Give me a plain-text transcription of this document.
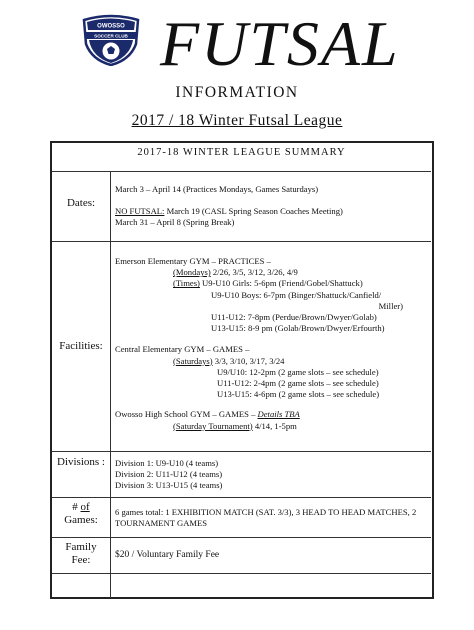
OWOSSO
SOCCER CLUB FUTSAL
INFORMATION
2017 / 18 Winter Futsal League
2017-18 WINTER LEAGUE SUMMARY
Dates:
March 3 – April 14 (Practices Mondays, Games Saturdays)
NO FUTSAL: March 19 (CASL Spring Season Coaches Meeting)
March 31 – April 8 (Spring Break)
Facilities:
Emerson Elementary GYM – PRACTICES –
(Mondays) 2/26, 3/5, 3/12, 3/26, 4/9
(Times) U9-U10 Girls: 5-6pm (Friend/Gobel/Shattuck)
U9-U10 Boys: 6-7pm (Binger/Shattuck/Canfield/
Miller)
U11-U12: 7-8pm (Perdue/Brown/Dwyer/Golab)
U13-U15: 8-9 pm (Golab/Brown/Dwyer/Erfourth)
Central Elementary GYM – GAMES –
(Saturdays) 3/3, 3/10, 3/17, 3/24
U9/U10: 12-2pm (2 game slots – see schedule)
U11-U12: 2-4pm (2 game slots – see schedule)
U13-U15: 4-6pm (2 game slots – see schedule)
Owosso High School GYM – GAMES – Details TBA
(Saturday Tournament) 4/14, 1-5pm
Divisions :	Division 1: U9-U10 (4 teams)
Division 2: U11-U12 (4 teams)
Division 3: U13-U15 (4 teams)
# of
Games:
6 games total: 1 EXHIBITION MATCH (SAT. 3/3), 3 HEAD TO HEAD MATCHES, 2 TOURNAMENT GAMES
Family
Fee:	$20 / Voluntary Family Fee
